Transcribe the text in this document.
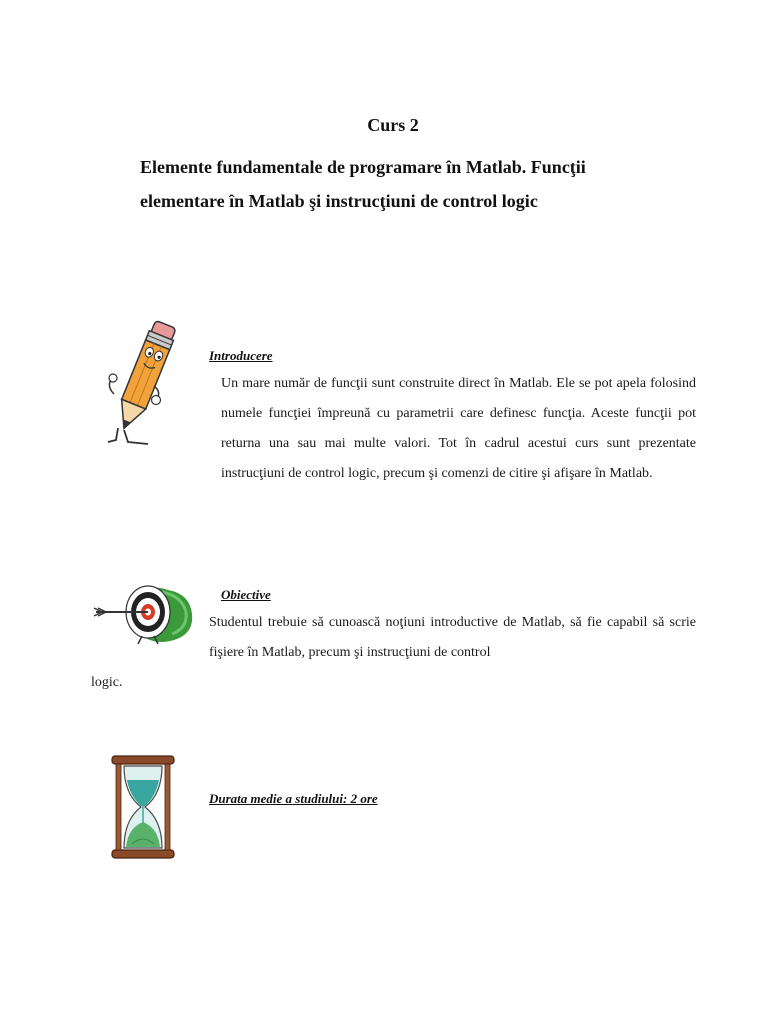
Curs 2
Elemente fundamentale de programare în Matlab. Funcţii
elementare în Matlab şi instrucţiuni de control logic
Introducere
Un mare număr de funcţii sunt construite direct în Matlab. Ele se pot apela folosind numele funcţiei împreună cu parametrii care definesc funcţia. Aceste funcţii pot returna una sau mai multe valori. Tot în cadrul acestui curs sunt prezentate instrucţiuni de control logic, precum şi comenzi de citire şi afişare în Matlab.
Obiective
Studentul trebuie să cunoască noţiuni introductive de Matlab, să fie capabil să scrie fişiere în Matlab, precum şi instrucţiuni de control
logic.
Durata medie a studiului: 2 ore
